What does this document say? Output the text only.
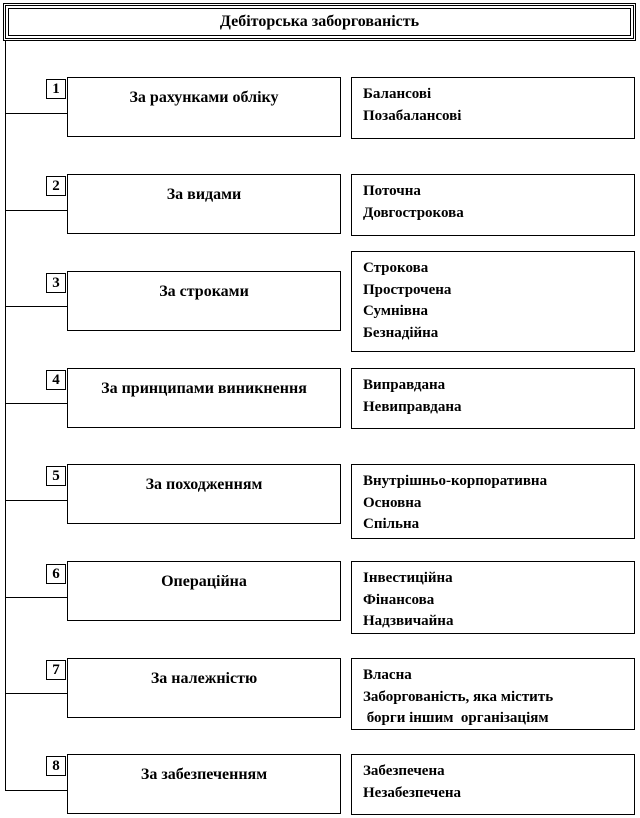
Дебіторська заборгованість
1
За рахунками обліку	Балансові
Позабалансові
2
За видами	Поточна
Довгострокова
3
За строками
Строкова
Прострочена
Сумнівна
Безнадійна
4
За принципами виникнення	Виправдана
Невиправдана
5
За походженням	Внутрішньо-корпоративна
Основна
Спільна
6	Операційна	Інвестиційна
Фінансова
Надзвичайна
7
За належністю	Власна
Заборгованість, яка містить
борги іншим  організаціям
8
За забезпеченням	Забезпечена
Незабезпечена
